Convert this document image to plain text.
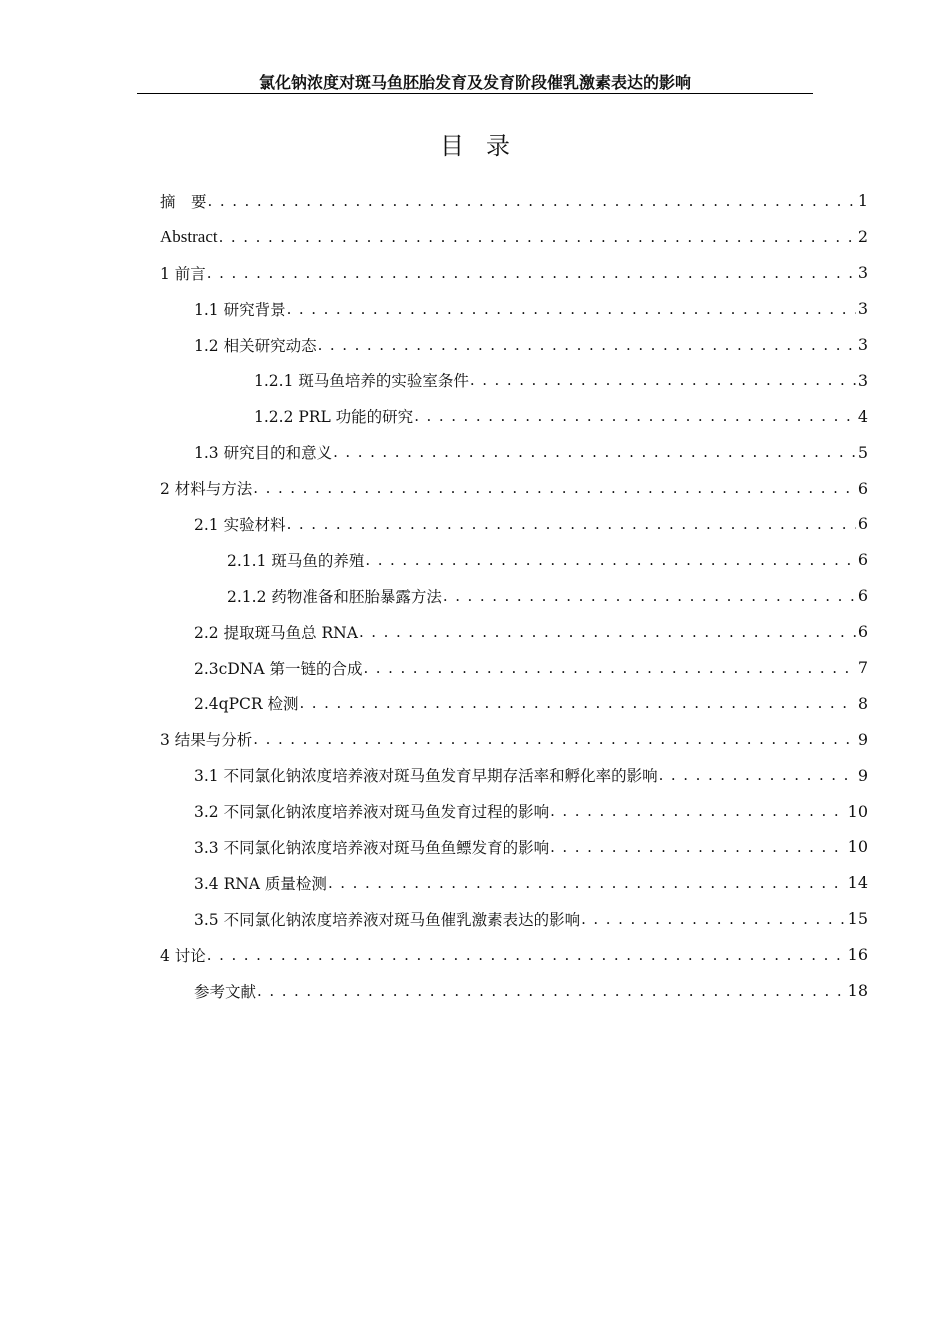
氯化钠浓度对斑马鱼胚胎发育及发育阶段催乳激素表达的影响
目录
摘　要 . . .	1
Abstract . . .	2
1 前言 . . .	3
1.1 研究背景 . . .	3
1.2 相关研究动态 . . .	3
1.2.1 斑马鱼培养的实验室条件 . . .	3
1.2.2 PRL 功能的研究 . . .	4
1.3 研究目的和意义 . . .	5
2 材料与方法 . . .	6
2.1 实验材料 . . .	6
2.1.1 斑马鱼的养殖 . . .	6
2.1.2 药物准备和胚胎暴露方法 . . .	6
2.2 提取斑马鱼总 RNA . . .	6
2.3cDNA 第一链的合成 . . .	7
2.4qPCR 检测 . . .	8
3 结果与分析 . . .	9
3.1 不同氯化钠浓度培养液对斑马鱼发育早期存活率和孵化率的影响 . . .	9
3.2 不同氯化钠浓度培养液对斑马鱼发育过程的影响 . . .	10
3.3 不同氯化钠浓度培养液对斑马鱼鱼鳔发育的影响 . . .	10
3.4 RNA 质量检测 . . .	14
3.5 不同氯化钠浓度培养液对斑马鱼催乳激素表达的影响 . . .	15
4 讨论 . . .	16
参考文献 . . .	18
